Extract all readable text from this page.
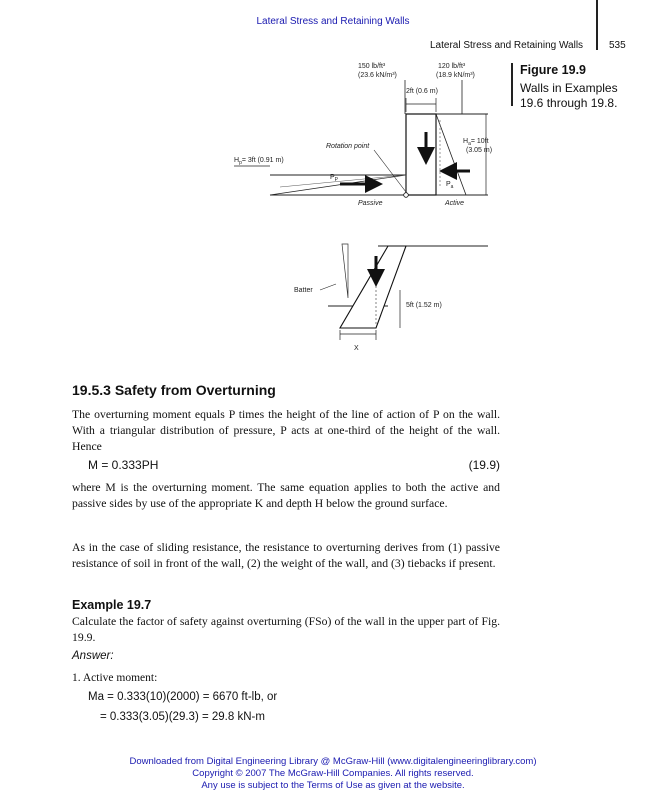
Lateral Stress and Retaining Walls
Lateral Stress and Retaining Walls	535
Figure 19.9
Walls in Examples
19.6 through 19.8.
150 lb/ft³
(23.6 kN/m³)
120 lb/ft³
(18.9 kN/m³)
2ft (0.6 m)
$P_a$
$H_a= 10ft$
(3.05 m)
$P_P$
$H_p= 3ft$ (0.91 m)
Rotation point
Passive	Active
Batter
5ft (1.52 m)
X
19.5.3 Safety from Overturning
The overturning moment equals P times the height of the line of action of P on the wall. With a triangular distribution of pressure, P acts at one-third of the height of the wall. Hence
M = 0.333PH	(19.9)
where M is the overturning moment. The same equation applies to both the active and passive sides by use of the appropriate K and depth H below the ground surface.
As in the case of sliding resistance, the resistance to overturning derives from (1) passive resistance of soil in front of the wall, (2) the weight of the wall, and (3) tiebacks if present.
Example 19.7
Calculate the factor of safety against overturning (FSo) of the wall in the upper part of Fig. 19.9.
Answer:
1. Active moment:
Ma = 0.333(10)(2000) = 6670 ft-lb, or
= 0.333(3.05)(29.3) = 29.8 kN-m
Downloaded from Digital Engineering Library @ McGraw-Hill (www.digitalengineeringlibrary.com)
Copyright © 2007 The McGraw-Hill Companies. All rights reserved.
Any use is subject to the Terms of Use as given at the website.
